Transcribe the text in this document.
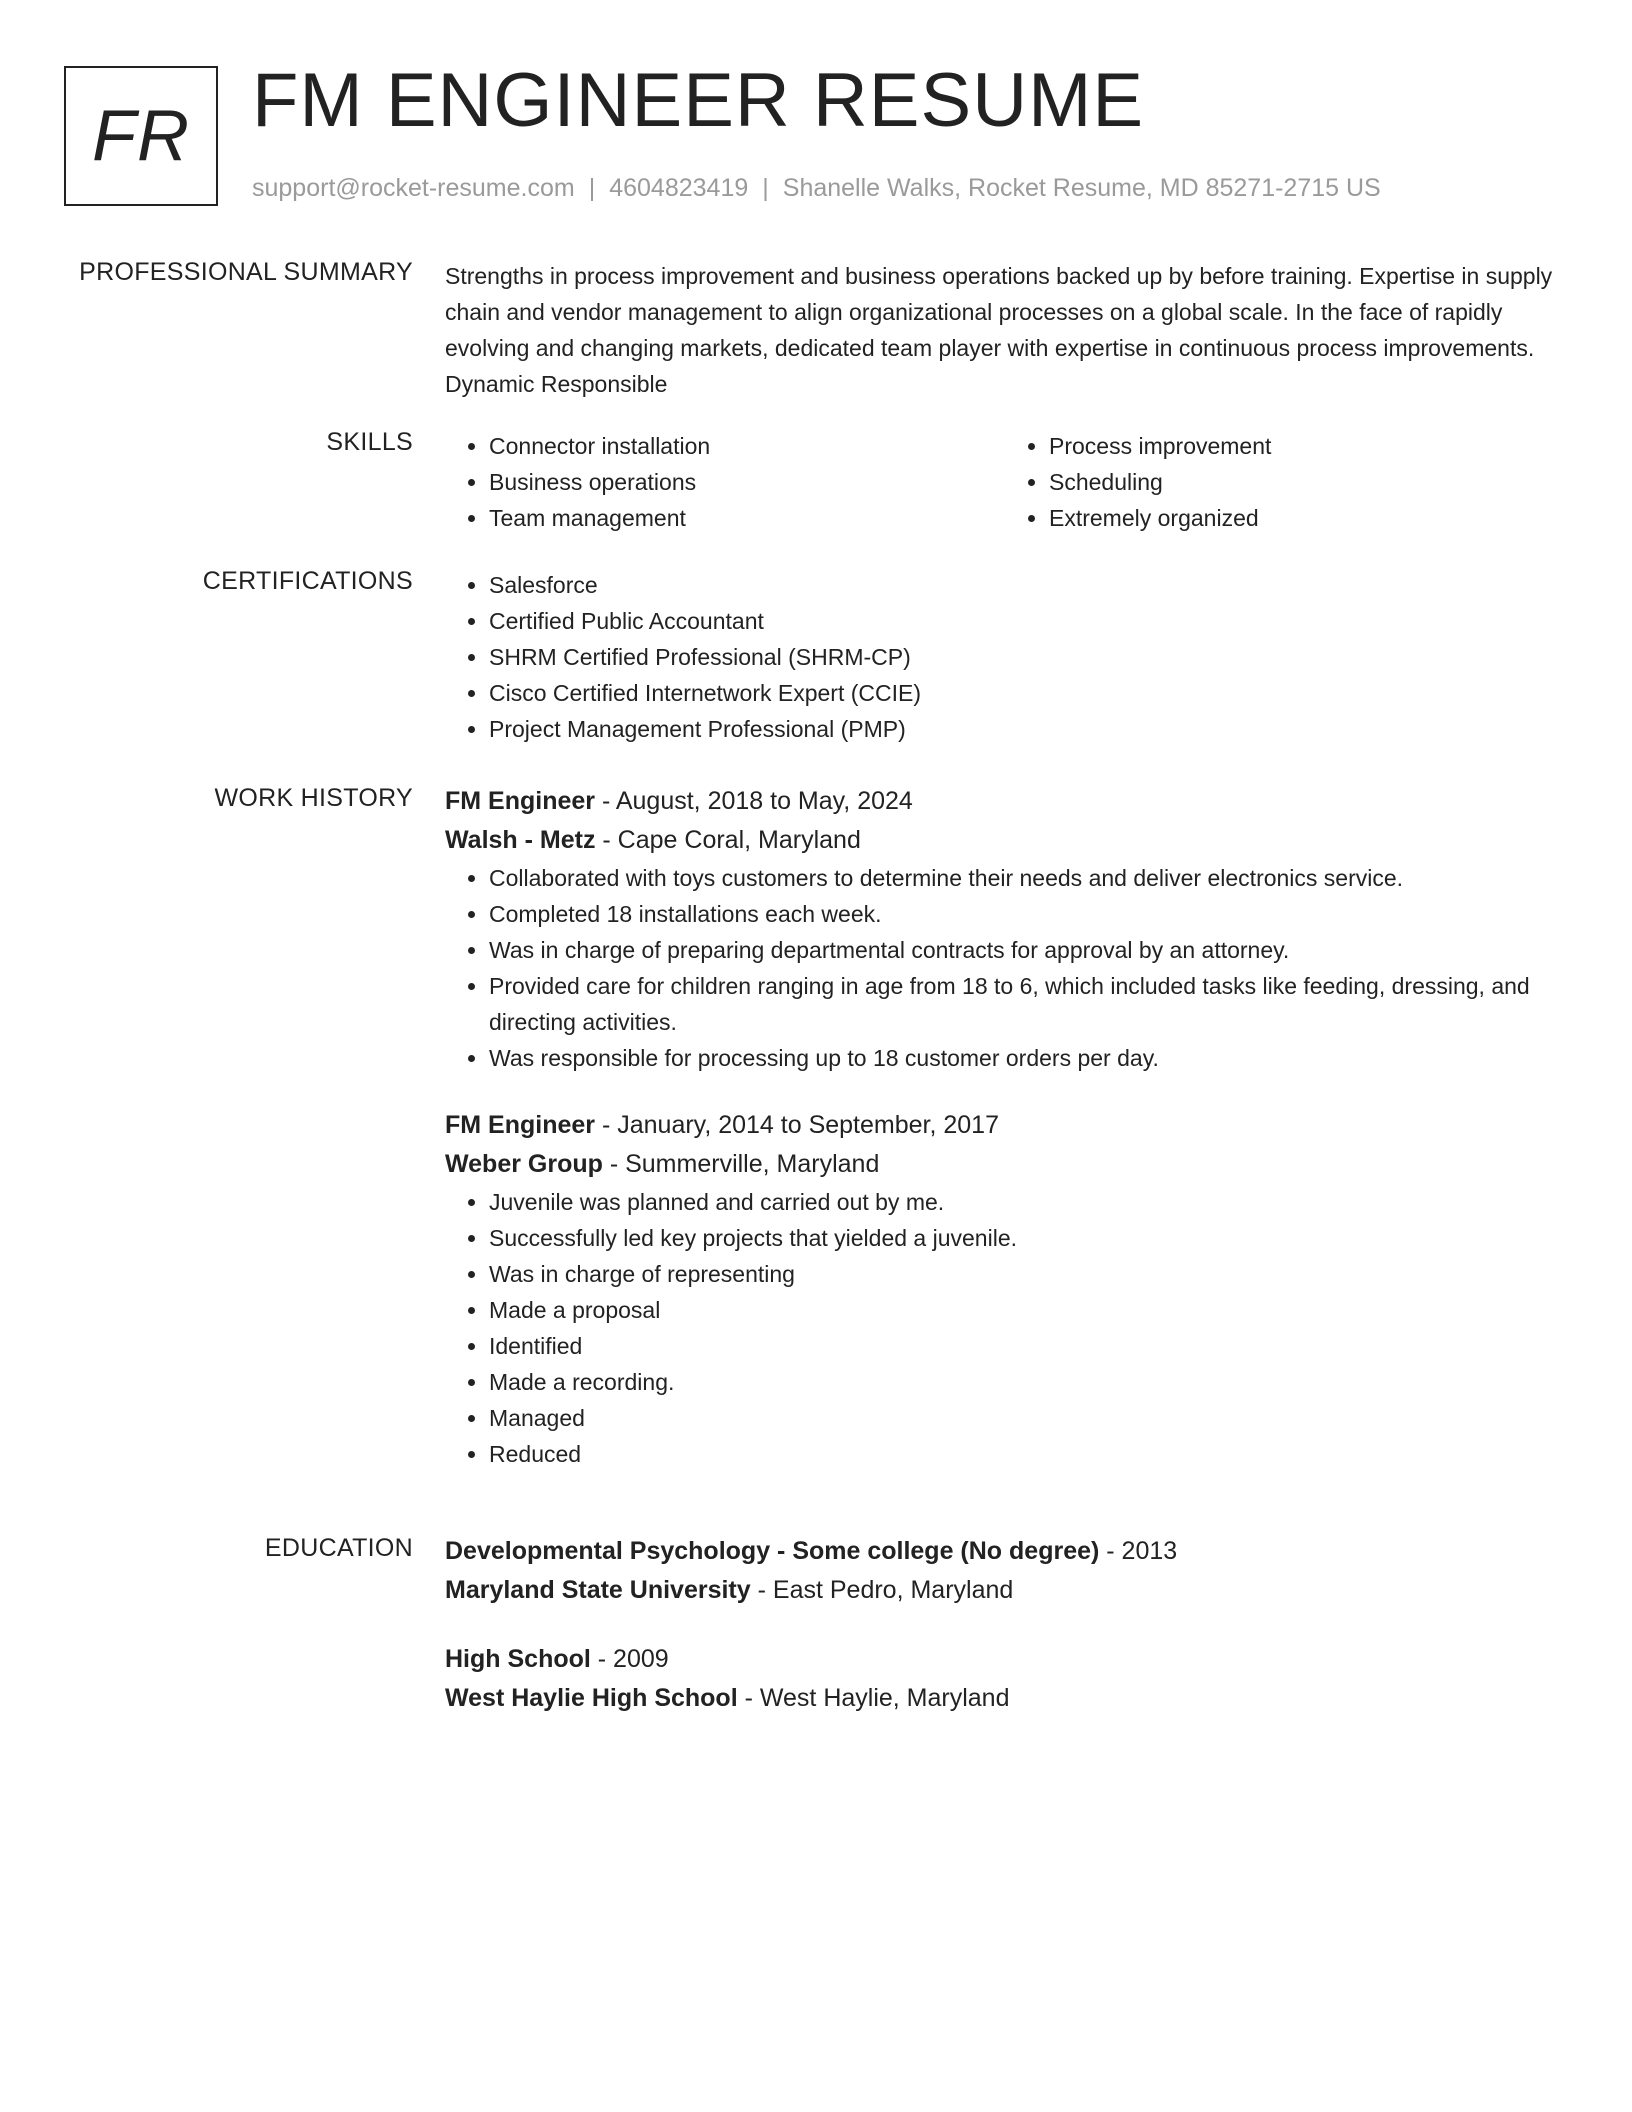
FR FM ENGINEER RESUME
support@rocket-resume.com | 4604823419 | Shanelle Walks, Rocket Resume, MD 85271-2715 US
PROFESSIONAL SUMMARY Strengths in process improvement and business operations backed up by before training. Expertise in supply chain and vendor management to align organizational processes on a global scale. In the face of rapidly evolving and changing markets, dedicated team player with expertise in continuous process improvements. Dynamic Responsible
SKILLS	• Connector installation
• Business operations
• Team management
• Process improvement
• Scheduling
• Extremely organized
CERTIFICATIONS	• Salesforce
• Certified Public Accountant
• SHRM Certified Professional (SHRM-CP)
• Cisco Certified Internetwork Expert (CCIE)
• Project Management Professional (PMP)
WORK HISTORY FM Engineer - August, 2018 to May, 2024
Walsh - Metz - Cape Coral, Maryland
• Collaborated with toys customers to determine their needs and deliver electronics service.
• Completed 18 installations each week.
• Was in charge of preparing departmental contracts for approval by an attorney.
• Provided care for children ranging in age from 18 to 6, which included tasks like feeding, dressing, and directing activities.
• Was responsible for processing up to 18 customer orders per day.
FM Engineer - January, 2014 to September, 2017
Weber Group - Summerville, Maryland
• Juvenile was planned and carried out by me.
• Successfully led key projects that yielded a juvenile.
• Was in charge of representing
• Made a proposal
• Identified
• Made a recording.
• Managed
• Reduced
EDUCATION Developmental Psychology - Some college (No degree) - 2013
Maryland State University - East Pedro, Maryland
High School - 2009
West Haylie High School - West Haylie, Maryland
